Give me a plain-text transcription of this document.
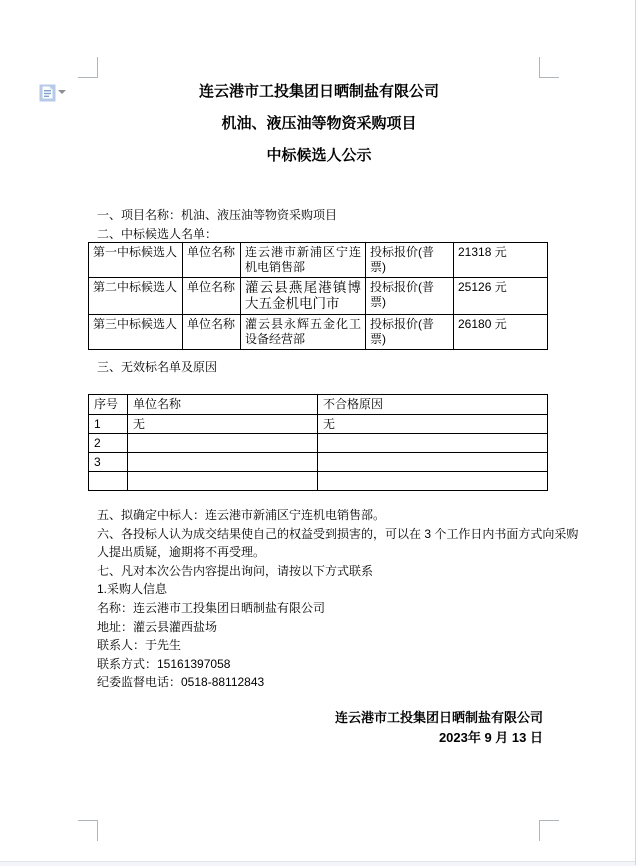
连云港市工投集团日晒制盐有限公司
机油、液压油等物资采购项目
中标候选人公示
一、项目名称：机油、液压油等物资采购项目
二、中标候选人名单：
第一中标候选人	单位名称	连云港市新浦区宁连机电销售部	投标报价(普票)	21318 元
第二中标候选人	单位名称	灌云县燕尾港镇博大五金机电门市	投标报价(普票)	25126 元
第三中标候选人	单位名称	灌云县永辉五金化工设备经营部	投标报价(普票)	26180 元
三、无效标名单及原因
序号	单位名称	不合格原因
1	无	无
2		
3		

五、拟确定中标人：连云港市新浦区宁连机电销售部。
六、各投标人认为成交结果使自己的权益受到损害的，可以在 3 个工作日内书面方式向采购
人提出质疑，逾期将不再受理。
七、凡对本次公告内容提出询问，请按以下方式联系
1.采购人信息
名称：连云港市工投集团日晒制盐有限公司
地址：灌云县灌西盐场
联系人：于先生
联系方式：15161397058
纪委监督电话：0518-88112843
连云港市工投集团日晒制盐有限公司
2023年 9 月 13 日
